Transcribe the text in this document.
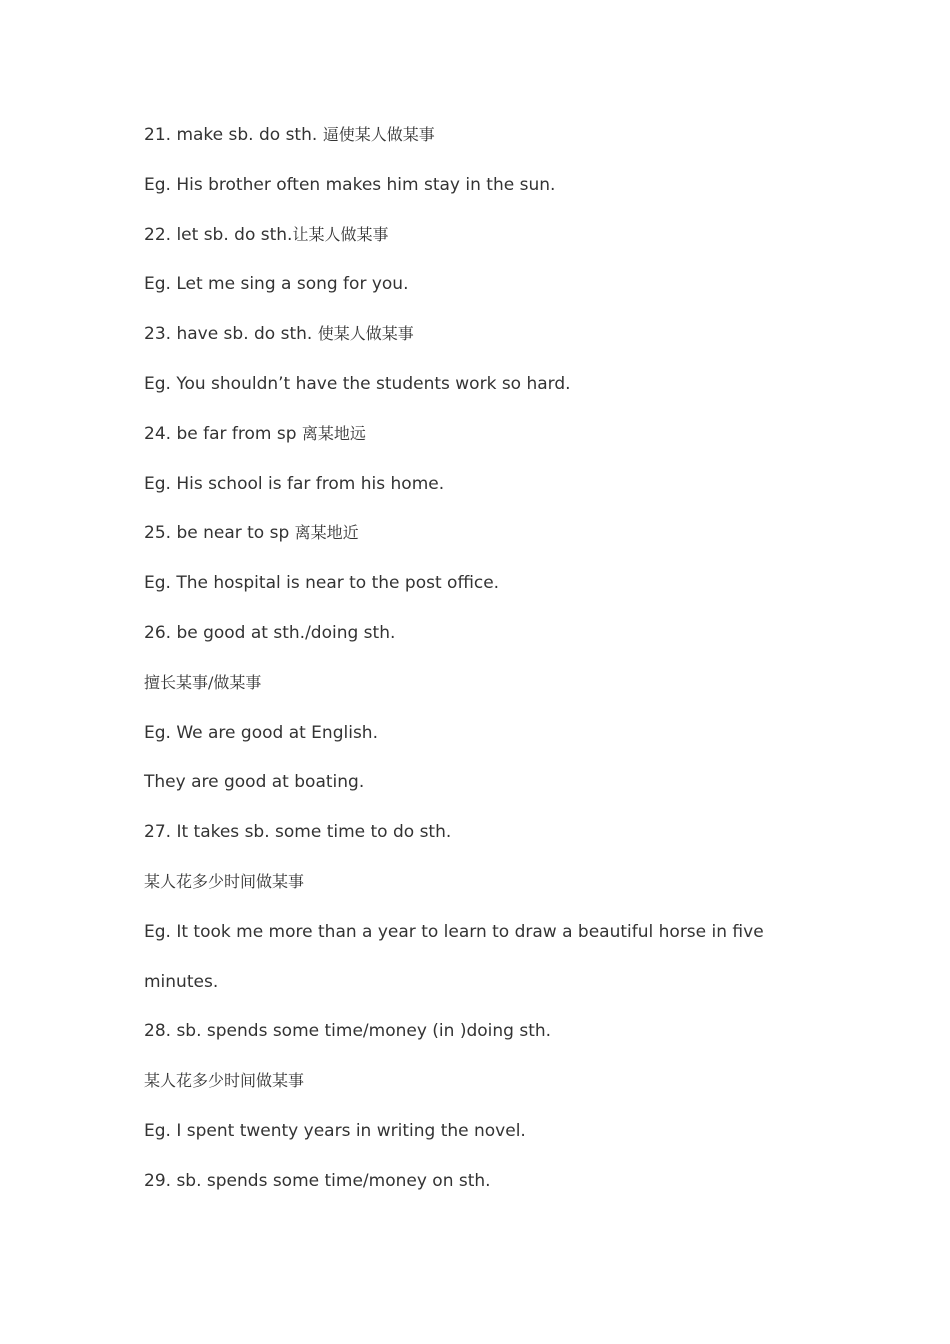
21. make sb. do sth. 逼使某人做某事
Eg. His brother often makes him stay in the sun.
22. let sb. do sth.让某人做某事
Eg. Let me sing a song for you.
23. have sb. do sth. 使某人做某事
Eg. You shouldn’t have the students work so hard.
24. be far from sp 离某地远
Eg. His school is far from his home.
25. be near to sp 离某地近
Eg. The hospital is near to the post office.
26. be good at sth./doing sth.
擅长某事/做某事
Eg. We are good at English.
They are good at boating.
27. It takes sb. some time to do sth.
某人花多少时间做某事
Eg. It took me more than a year to learn to draw a beautiful horse in five
minutes.
28. sb. spends some time/money (in )doing sth.
某人花多少时间做某事
Eg. I spent twenty years in writing the novel.
29. sb. spends some time/money on sth.
